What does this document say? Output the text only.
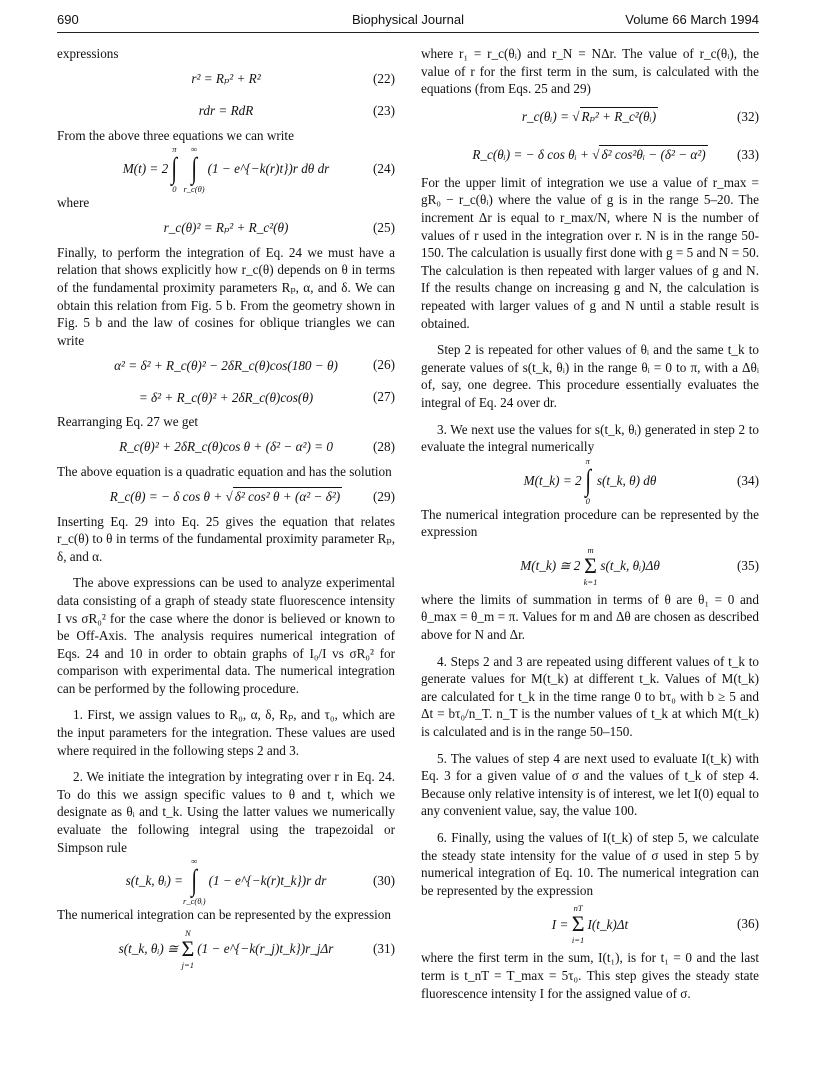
690	Biophysical Journal	Volume 66 March 1994

expressions

r² = Rₚ² + R²	(22)
rdr = RdR	(23)

From the above three equations we can write

M(t) = 2
π
∫
0
∞
∫
r_c(θ)
(1 − e^{−k(r)t})r dθ dr	(24)

where

r_c(θ)² = Rₚ² + R_c²(θ)	(25)

Finally, to perform the integration of Eq. 24 we must have a relation that shows explicitly how r_c(θ) depends on θ in terms of the fundamental proximity parameters Rₚ, α, and δ. We can obtain this relation from Fig. 5 b. From the geometry shown in Fig. 5 b and the law of cosines for oblique triangles we can write

α² = δ² + R_c(θ)² − 2δR_c(θ)cos(180 − θ)	(26)
= δ² + R_c(θ)² + 2δR_c(θ)cos(θ)	(27)

Rearranging Eq. 27 we get

R_c(θ)² + 2δR_c(θ)cos θ + (δ² − α²) = 0	(28)

The above equation is a quadratic equation and has the solution

R_c(θ) = − δ cos θ +
√ δ² cos² θ + (α² − δ²) (29)

Inserting Eq. 29 into Eq. 25 gives the equation that relates r_c(θ) to θ in terms of the fundamental proximity parameter Rₚ, δ, and α.

The above expressions can be used to analyze experimental data consisting of a graph of steady state fluorescence intensity I vs σR₀² for the case where the donor is believed or known to be Off-Axis. The analysis requires numerical integration of Eqs. 24 and 10 in order to obtain graphs of I₀/I vs σR₀² for comparison with experimental data. The numerical integration can be performed by the following procedure.

1. First, we assign values to R₀, α, δ, Rₚ, and τ₀, which are the input parameters for the integration. These values are used where required in the following steps 2 and 3.

2. We initiate the integration by integrating over r in Eq. 24. To do this we assign specific values to θ and t, which we designate as θᵢ and t_k. Using the latter values we numerically evaluate the following integral using the trapezoidal or Simpson rule

s(t_k, θᵢ) =
∞
∫
r_c(θᵢ)
(1 − e^{−k(r)t_k})r dr	(30)

The numerical integration can be represented by the expression

s(t_k, θᵢ) ≅

N
Σ
j=1
(1 − e^{−k(r_j)t_k})r_jΔr	(31)

where r₁ = r_c(θᵢ) and r_N = NΔr. The value of r_c(θᵢ), the value of r for the first term in the sum, is calculated with the equations (from Eqs. 25 and 29)

r_c(θᵢ) =
√ Rₚ² + R_c²(θᵢ)	(32)
R_c(θᵢ) = − δ cos θᵢ +
√ δ² cos²θᵢ − (δ² − α²) (33)

For the upper limit of integration we use a value of r_max = gR₀ − r_c(θᵢ) where the value of g is in the range 5–20. The increment Δr is equal to r_max/N, where N is the number of values of r used in the integration over r. N is in the range 50- 150. The calculation is usually first done with g = 5 and N = 50. The calculation is then repeated with larger values of g and N. If the results change on increasing g and N, the calculation is repeated with larger values of g and N until a stable result is obtained.

Step 2 is repeated for other values of θᵢ and the same t_k to generate values of s(t_k, θᵢ) in the range θᵢ = 0 to π, with a Δθᵢ of, say, one degree. This procedure essentially evaluates the integral of Eq. 24 over dr.

3. We next use the values for s(t_k, θᵢ) generated in step 2 to evaluate the integral numerically

M(t_k) = 2
π
∫
0
s(t_k, θ) dθ	(34)

The numerical integration procedure can be represented by the expression

M(t_k) ≅ 2

m
Σ
k=1
s(t_k, θᵢ)Δθ	(35)

where the limits of summation in terms of θ are θ₁ = 0 and θ_max = θ_m = π. Values for m and Δθ are chosen as described above for N and Δr.

4. Steps 2 and 3 are repeated using different values of t_k to generate values for M(t_k) at different t_k. Values of M(t_k) are calculated for t_k in the time range 0 to bτ₀ with b ≥ 5 and Δt = bτ₀/n_T. n_T is the number values of t_k at which M(t_k) is calculated and is in the range 50–150.

5. The values of step 4 are next used to evaluate I(t_k) with Eq. 3 for a given value of σ and the values of t_k of step 4. Because only relative intensity is of interest, we let I(0) equal to any convenient value, say, the value 100.

6. Finally, using the values of I(t_k) of step 5, we calculate the steady state intensity for the value of σ used in step 5 by numerical integration of Eq. 10. The numerical integration can be represented by the expression

I =

nT
Σ
i=1
I(t_k)Δt	(36)

where the first term in the sum, I(t₁), is for t₁ = 0 and the last term is t_nT = T_max = 5τ₀. This step gives the steady state fluorescence intensity I for the assigned value of σ.
